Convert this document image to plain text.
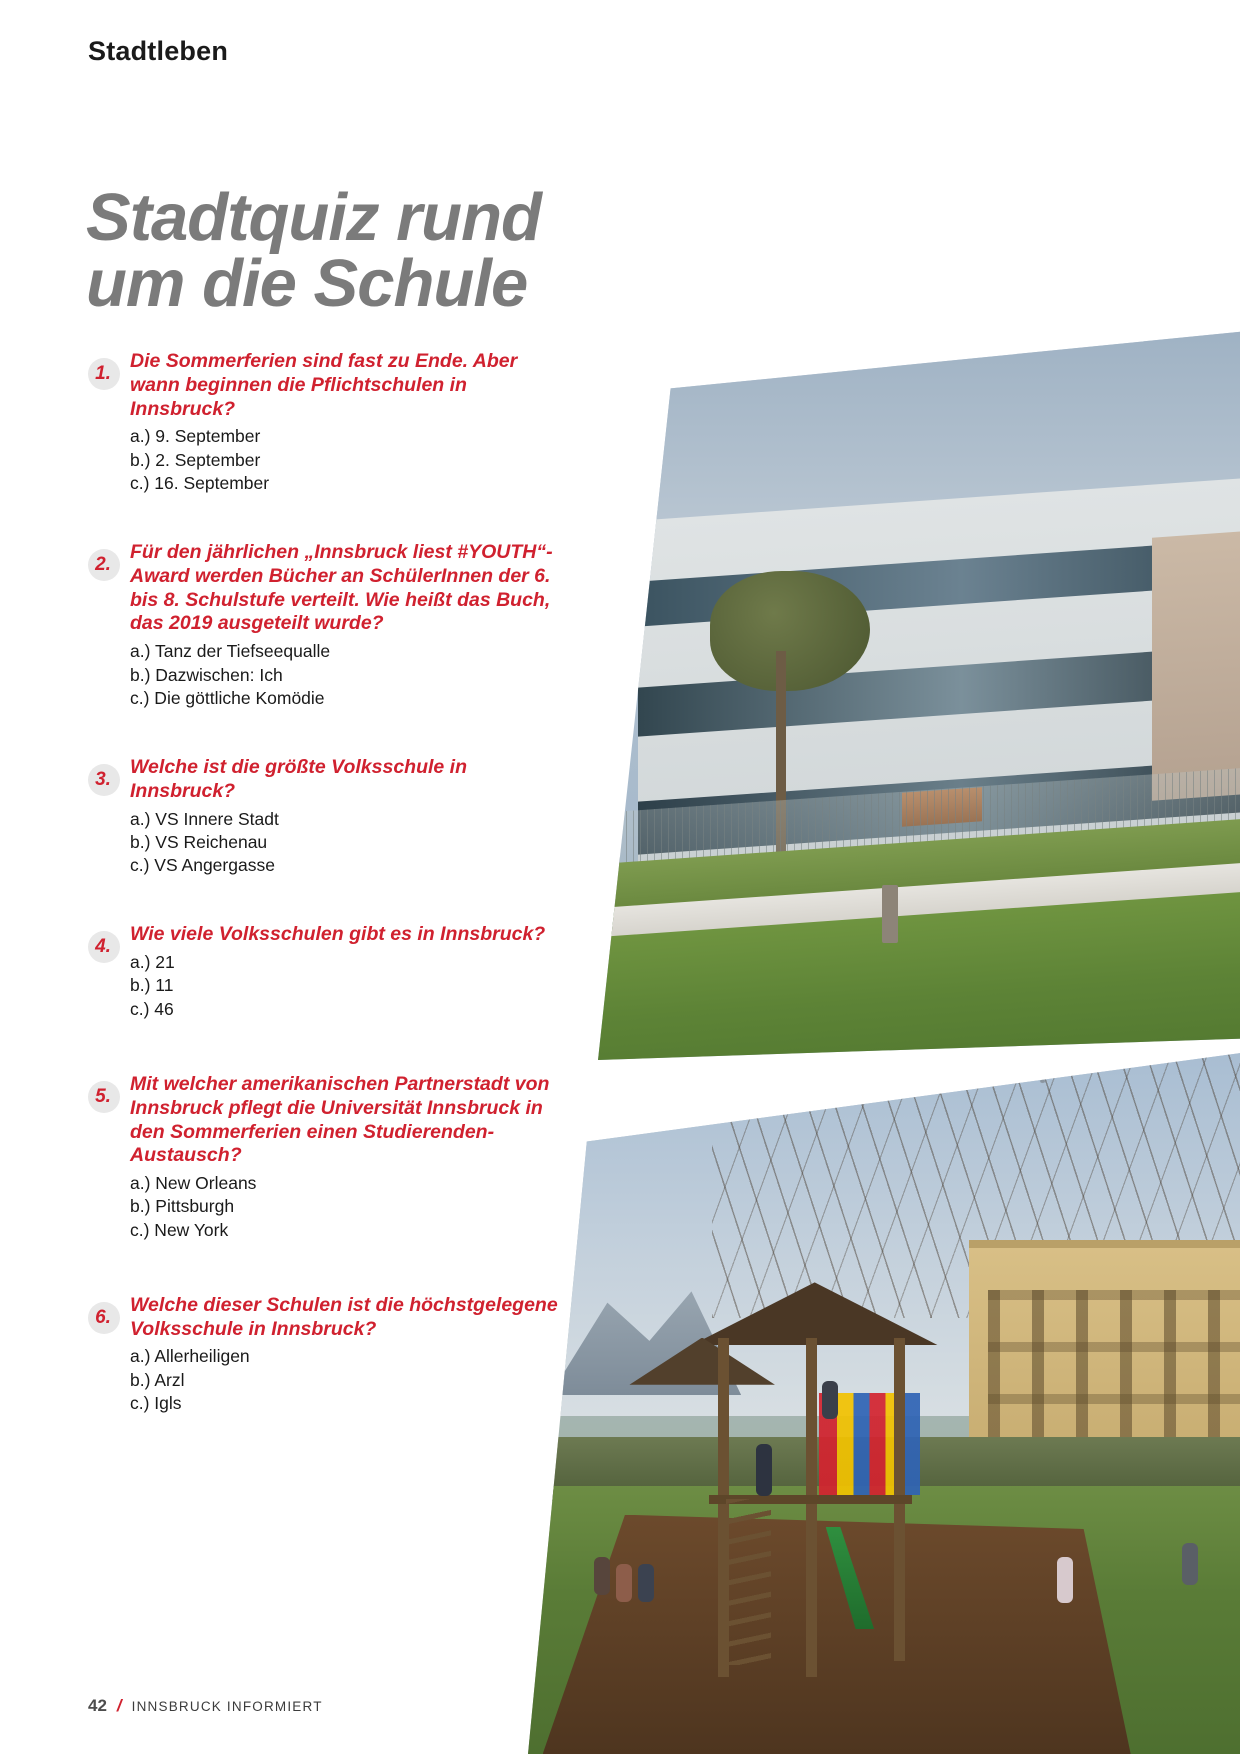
Stadtleben
Stadtquiz rund
um die Schule
1.

Die Sommerferien sind fast zu Ende. Aber wann beginnen die Pflichtschulen in Innsbruck?

a.) 9. September
b.) 2. September
c.) 16. September
2.

Für den jährlichen „Innsbruck liest #YOUTH“-Award werden Bücher an SchülerInnen der 6. bis 8. Schulstufe verteilt. Wie heißt das Buch, das 2019 ausgeteilt wurde?

a.) Tanz der Tiefseequalle
b.) Dazwischen: Ich
c.) Die göttliche Komödie
3.

Welche ist die größte Volksschule in Innsbruck?

a.) VS Innere Stadt
b.) VS Reichenau
c.) VS Angergasse
4.

Wie viele Volksschulen gibt es in Innsbruck?

a.) 21
b.) 11
c.) 46
5.

Mit welcher amerikanischen Partnerstadt von Innsbruck pflegt die Universität Innsbruck in den Sommerferien einen Studierenden-Austausch?

a.) New Orleans
b.) Pittsburgh
c.) New York
6.

Welche dieser Schulen ist die höchstgelegene Volksschule in Innsbruck?

a.) Allerheiligen
b.) Arzl
c.) Igls
42 / INNSBRUCK INFORMIERT
